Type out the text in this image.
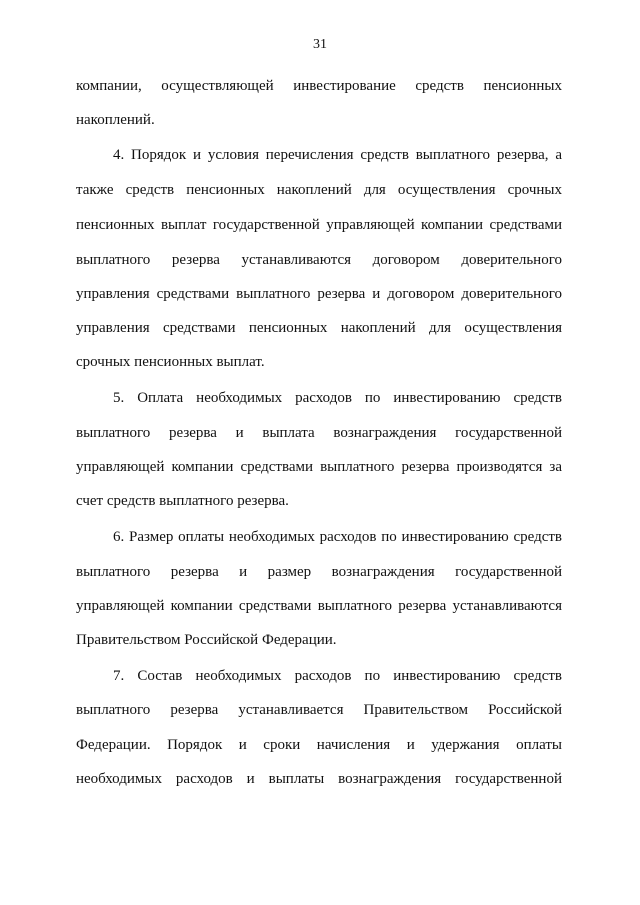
31
компании, осуществляющей инвестирование средств пенсионных
накоплений.
4. Порядок и условия перечисления средств выплатного резерва, а
также средств пенсионных накоплений для осуществления срочных
пенсионных выплат государственной управляющей компании средствами
выплатного резерва устанавливаются договором доверительного
управления средствами выплатного резерва и договором доверительного
управления средствами пенсионных накоплений для осуществления
срочных пенсионных выплат.
5. Оплата необходимых расходов по инвестированию средств
выплатного резерва и выплата вознаграждения государственной
управляющей компании средствами выплатного резерва производятся за
счет средств выплатного резерва.
6. Размер оплаты необходимых расходов по инвестированию средств
выплатного резерва и размер вознаграждения государственной
управляющей компании средствами выплатного резерва устанавливаются
Правительством Российской Федерации.
7. Состав необходимых расходов по инвестированию средств
выплатного резерва устанавливается Правительством Российской
Федерации. Порядок и сроки начисления и удержания оплаты
необходимых расходов и выплаты вознаграждения государственной
